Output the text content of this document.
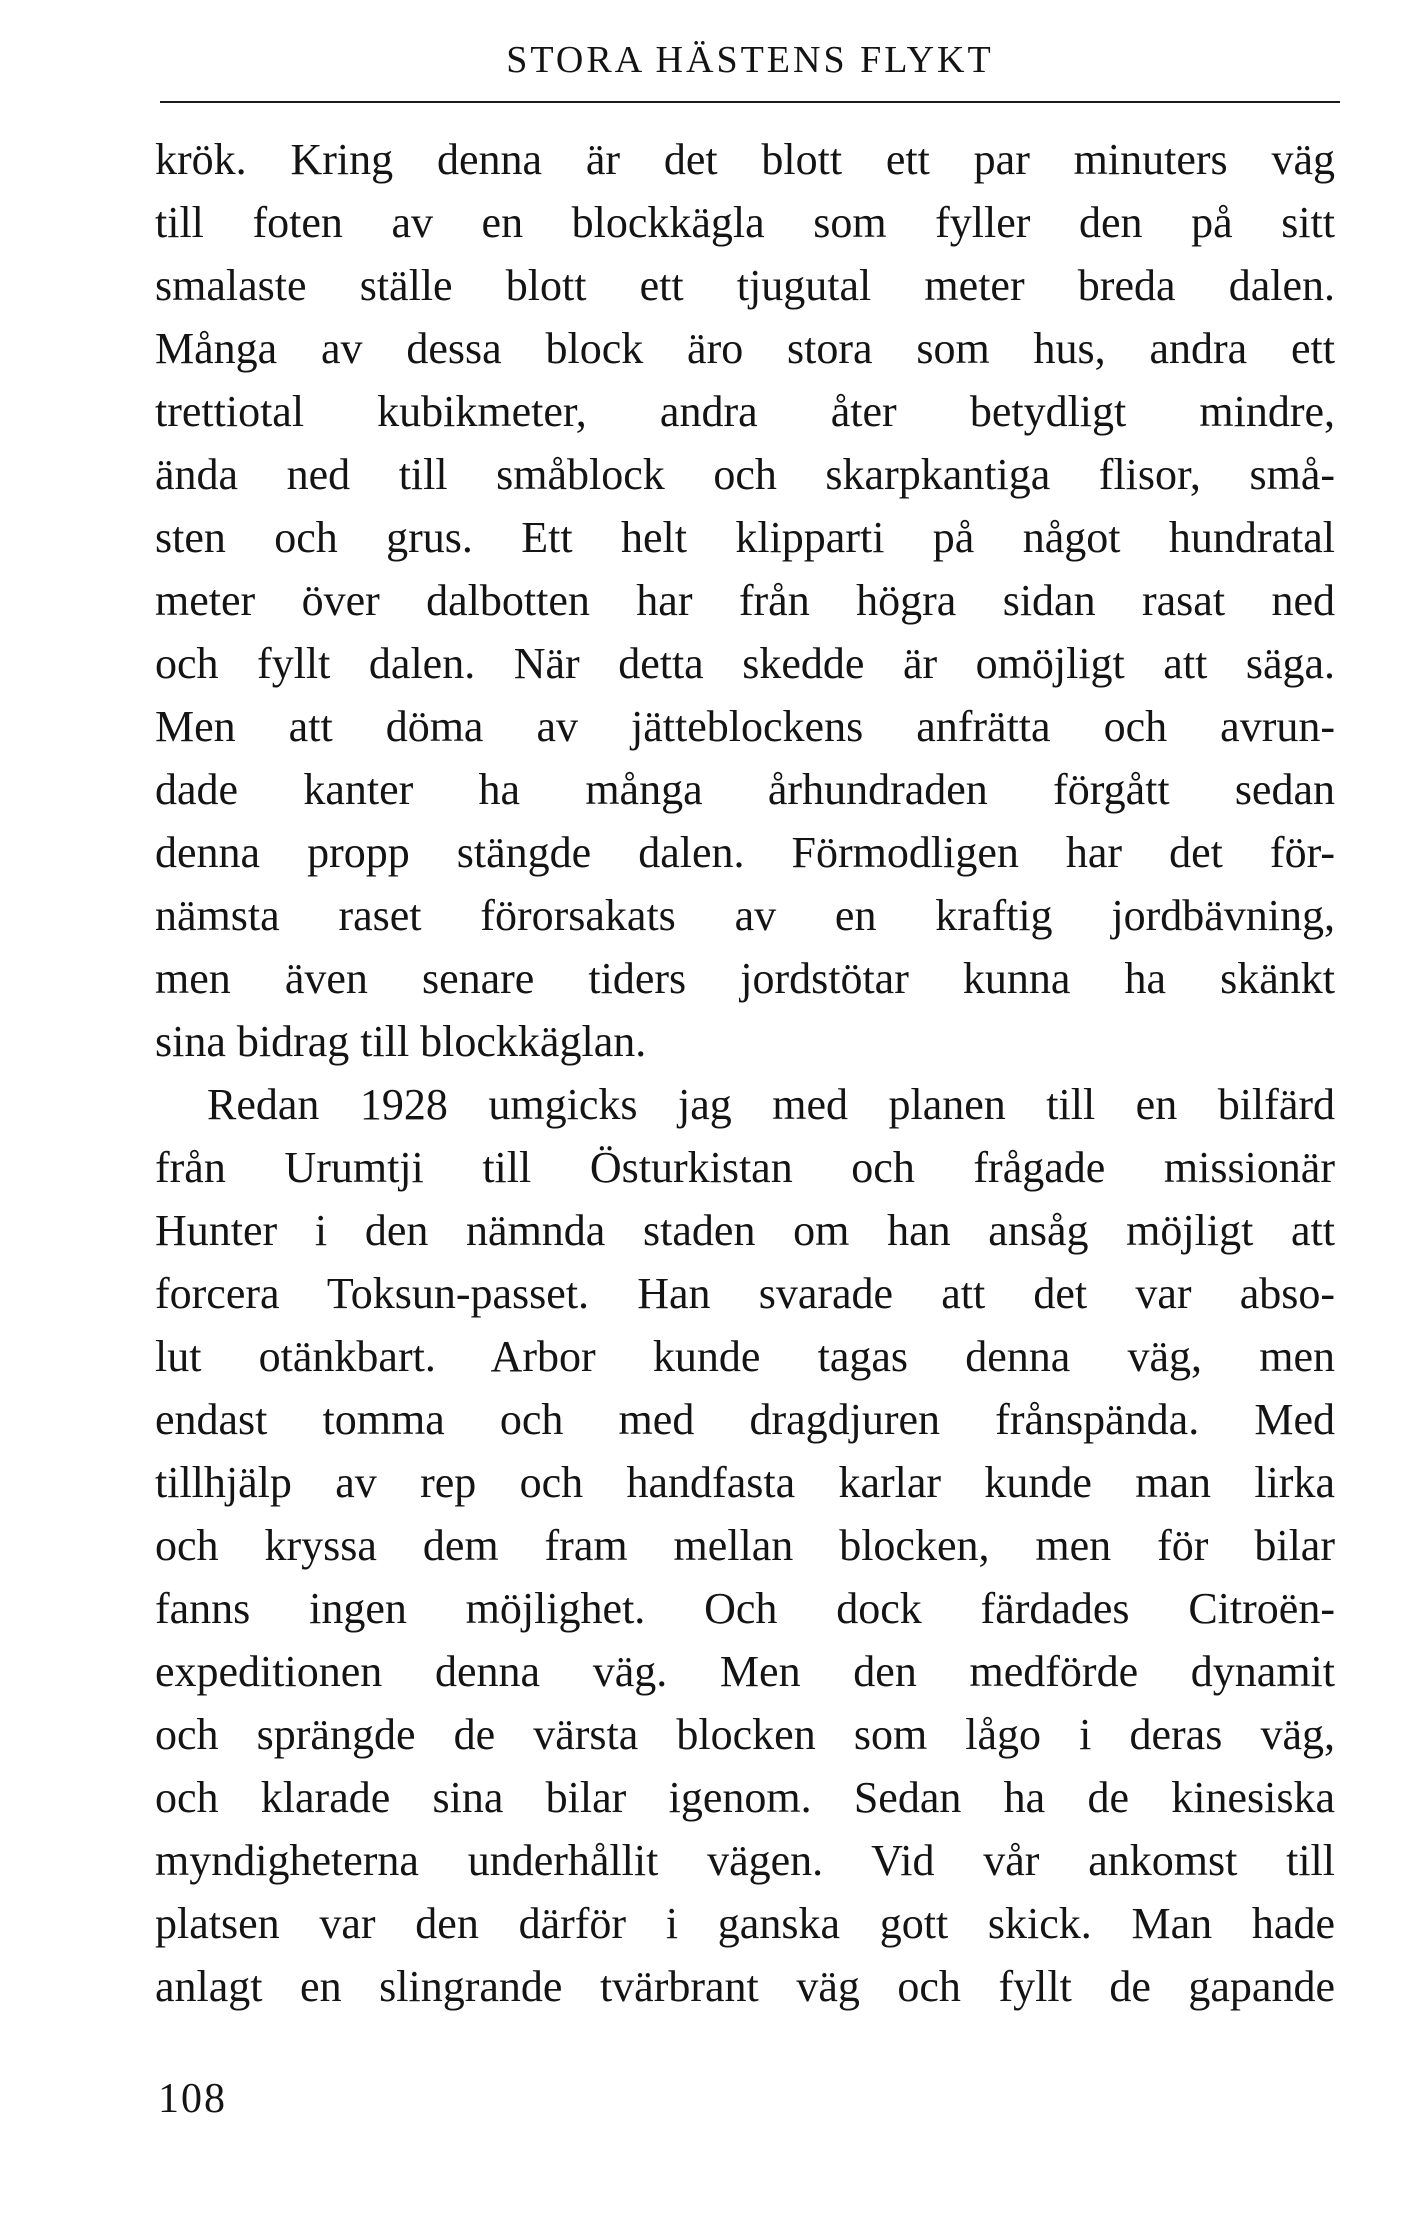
STORA HÄSTENS FLYKT
krök. Kring denna är det blott ett par minuters väg
till foten av en blockkägla som fyller den på sitt
smalaste ställe blott ett tjugutal meter breda dalen.
Många av dessa block äro stora som hus, andra ett
trettiotal kubikmeter, andra åter betydligt mindre,
ända ned till småblock och skarpkantiga flisor, små-
sten och grus. Ett helt klipparti på något hundratal
meter över dalbotten har från högra sidan rasat ned
och fyllt dalen. När detta skedde är omöjligt att säga.
Men att döma av jätteblockens anfrätta och avrun-
dade kanter ha många århundraden förgått sedan
denna propp stängde dalen. Förmodligen har det för-
nämsta raset förorsakats av en kraftig jordbävning,
men även senare tiders jordstötar kunna ha skänkt
sina bidrag till blockkäglan.
Redan 1928 umgicks jag med planen till en bilfärd
från Urumtji till Östurkistan och frågade missionär
Hunter i den nämnda staden om han ansåg möjligt att
forcera Toksun-passet. Han svarade att det var abso-
lut otänkbart. Arbor kunde tagas denna väg, men
endast tomma och med dragdjuren frånspända. Med
tillhjälp av rep och handfasta karlar kunde man lirka
och kryssa dem fram mellan blocken, men för bilar
fanns ingen möjlighet. Och dock färdades Citroën-
expeditionen denna väg. Men den medförde dynamit
och sprängde de värsta blocken som lågo i deras väg,
och klarade sina bilar igenom. Sedan ha de kinesiska
myndigheterna underhållit vägen. Vid vår ankomst till
platsen var den därför i ganska gott skick. Man hade
anlagt en slingrande tvärbrant väg och fyllt de gapande
108
